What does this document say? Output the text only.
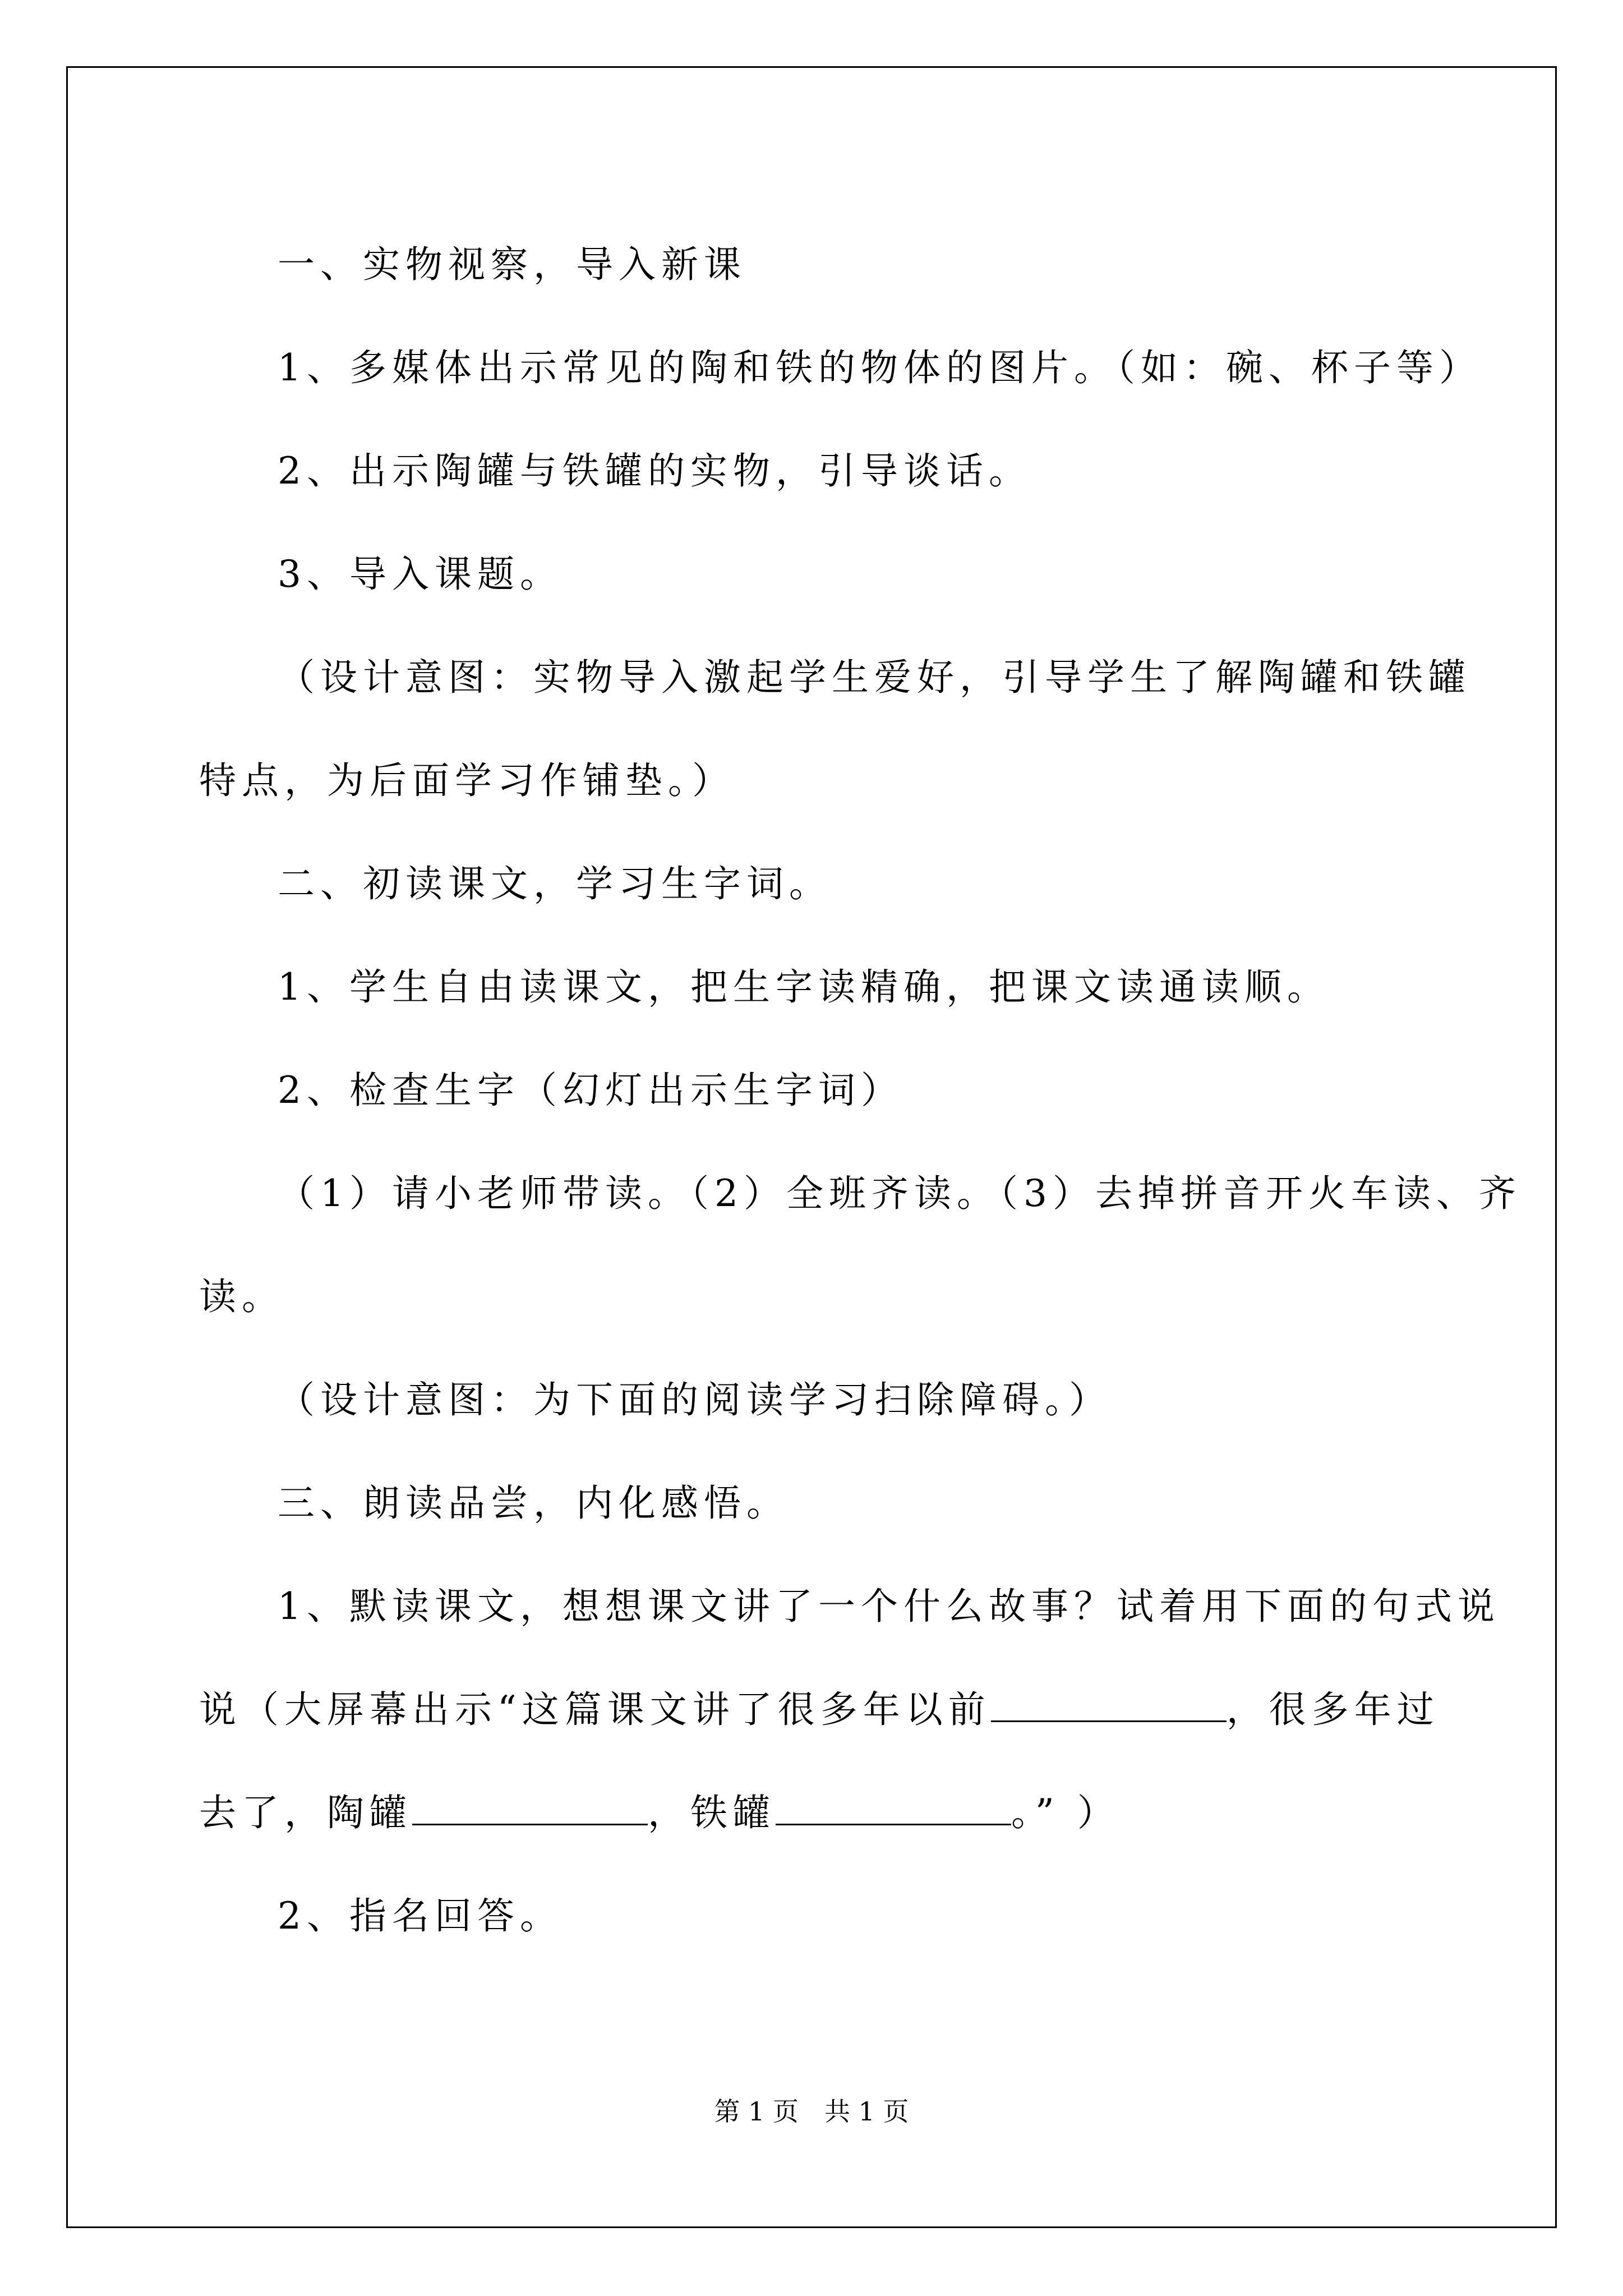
一、实物视察，导入新课

1、多媒体出示常见的陶和铁的物体的图片。（如：碗、杯子等）

2、出示陶罐与铁罐的实物，引导谈话。

3、导入课题。

（设计意图：实物导入激起学生爱好，引导学生了解陶罐和铁罐

特点，为后面学习作铺垫。）

二、初读课文，学习生字词。

1、学生自由读课文，把生字读精确，把课文读通读顺。

2、检查生字（幻灯出示生字词）

（1）请小老师带读。（2）全班齐读。（3）去掉拼音开火车读、齐

读。

（设计意图：为下面的阅读学习扫除障碍。）

三、朗读品尝，内化感悟。

1、默读课文，想想课文讲了一个什么故事？试着用下面的句式说

说（大屏幕出示“这篇课文讲了很多年以前	，很多年过

去了，陶罐	，铁罐	。” ）

2、指名回答。

第 1 页　共 1 页
